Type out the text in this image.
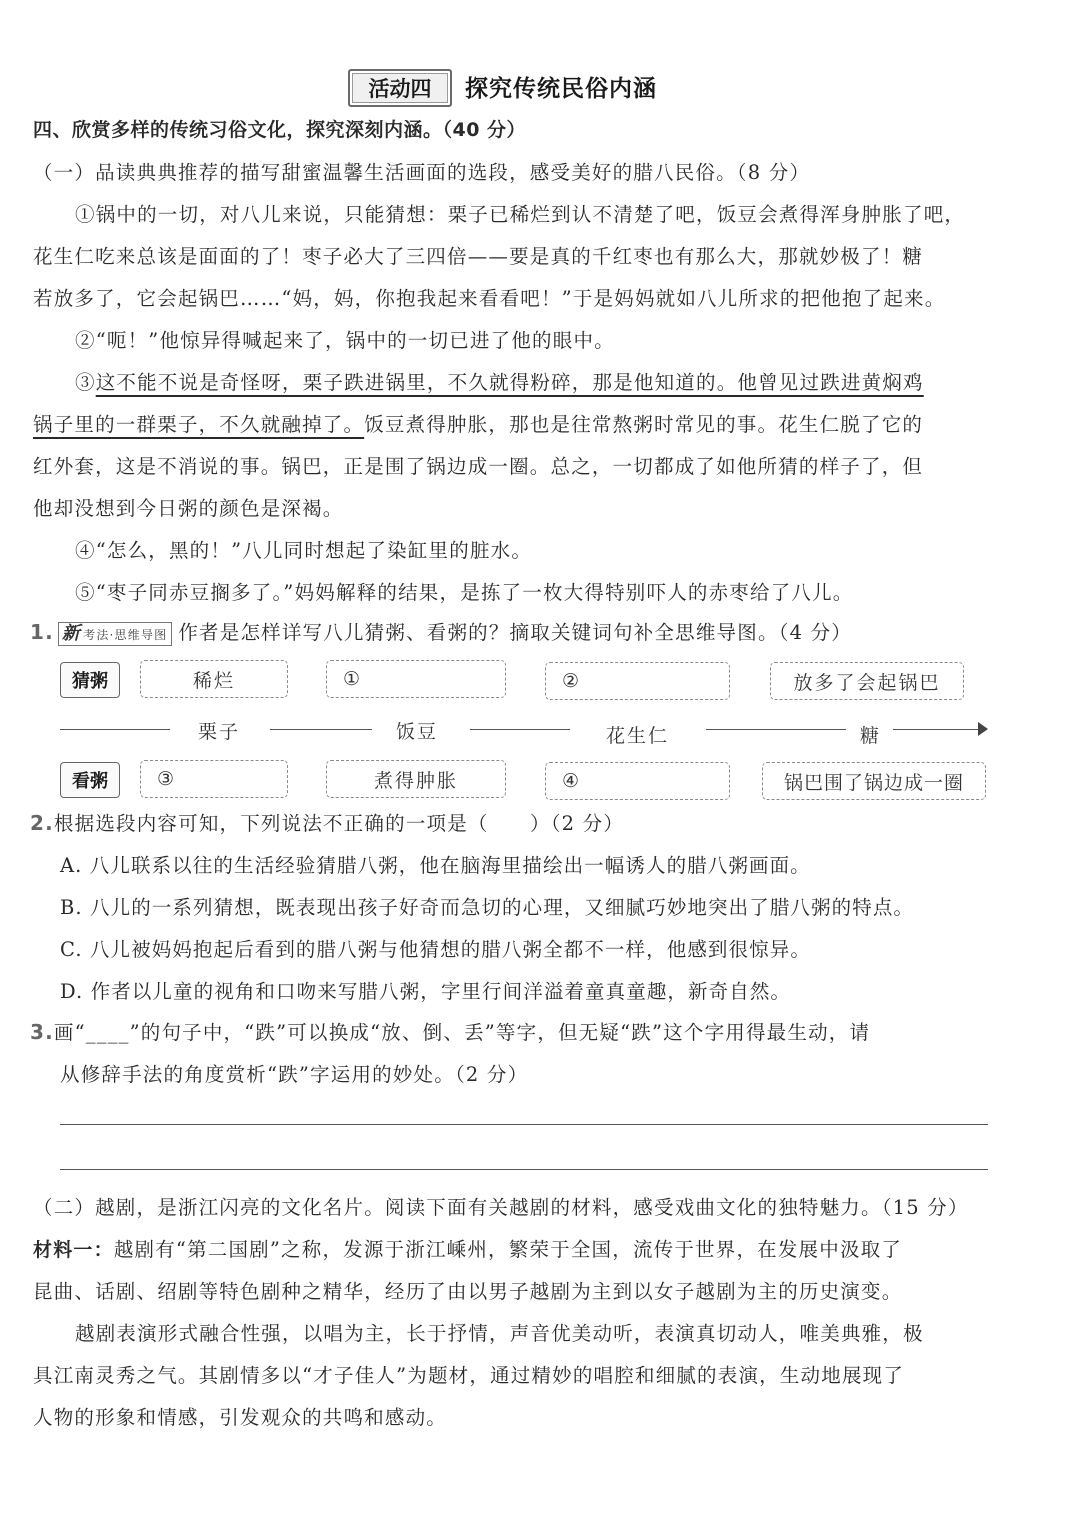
活动四 探究传统民俗内涵
四、欣赏多样的传统习俗文化，探究深刻内涵。（40 分）
（一）品读典典推荐的描写甜蜜温馨生活画面的选段，感受美好的腊八民俗。（8 分）
①锅中的一切，对八儿来说，只能猜想：栗子已稀烂到认不清楚了吧，饭豆会煮得浑身肿胀了吧，
花生仁吃来总该是面面的了！枣子必大了三四倍——要是真的千红枣也有那么大，那就妙极了！糖
若放多了，它会起锅巴……“妈，妈，你抱我起来看看吧！”于是妈妈就如八儿所求的把他抱了起来。
②“呃！”他惊异得喊起来了，锅中的一切已进了他的眼中。
③这不能不说是奇怪呀，栗子跌进锅里，不久就得粉碎，那是他知道的。他曾见过跌进黄焖鸡
锅子里的一群栗子，不久就融掉了。饭豆煮得肿胀，那也是往常熬粥时常见的事。花生仁脱了它的
红外套，这是不消说的事。锅巴，正是围了锅边成一圈。总之，一切都成了如他所猜的样子了，但
他却没想到今日粥的颜色是深褐。
④“怎么，黑的！”八儿同时想起了染缸里的脏水。
⑤“枣子同赤豆搁多了。”妈妈解释的结果，是拣了一枚大得特别吓人的赤枣给了八儿。
1. 新 考法·思维导图 作者是怎样详写八儿猜粥、看粥的？摘取关键词句补全思维导图。（4 分）
猜粥	稀烂	①	②	放多了会起锅巴
栗子	饭豆	花生仁	糖
看粥	③	煮得肿胀	④	锅巴围了锅边成一圈
2.根据选段内容可知，下列说法不正确的一项是（　　）（2 分）
A. 八儿联系以往的生活经验猜腊八粥，他在脑海里描绘出一幅诱人的腊八粥画面。
B. 八儿的一系列猜想，既表现出孩子好奇而急切的心理，又细腻巧妙地突出了腊八粥的特点。
C. 八儿被妈妈抱起后看到的腊八粥与他猜想的腊八粥全都不一样，他感到很惊异。
D. 作者以儿童的视角和口吻来写腊八粥，字里行间洋溢着童真童趣，新奇自然。
3.画“____”的句子中，“跌”可以换成“放、倒、丢”等字，但无疑“跌”这个字用得最生动，请
从修辞手法的角度赏析“跌”字运用的妙处。（2 分）
（二）越剧，是浙江闪亮的文化名片。阅读下面有关越剧的材料，感受戏曲文化的独特魅力。（15 分）
材料一：越剧有“第二国剧”之称，发源于浙江嵊州，繁荣于全国，流传于世界，在发展中汲取了
昆曲、话剧、绍剧等特色剧种之精华，经历了由以男子越剧为主到以女子越剧为主的历史演变。
越剧表演形式融合性强，以唱为主，长于抒情，声音优美动听，表演真切动人，唯美典雅，极
具江南灵秀之气。其剧情多以“才子佳人”为题材，通过精妙的唱腔和细腻的表演，生动地展现了
人物的形象和情感，引发观众的共鸣和感动。
